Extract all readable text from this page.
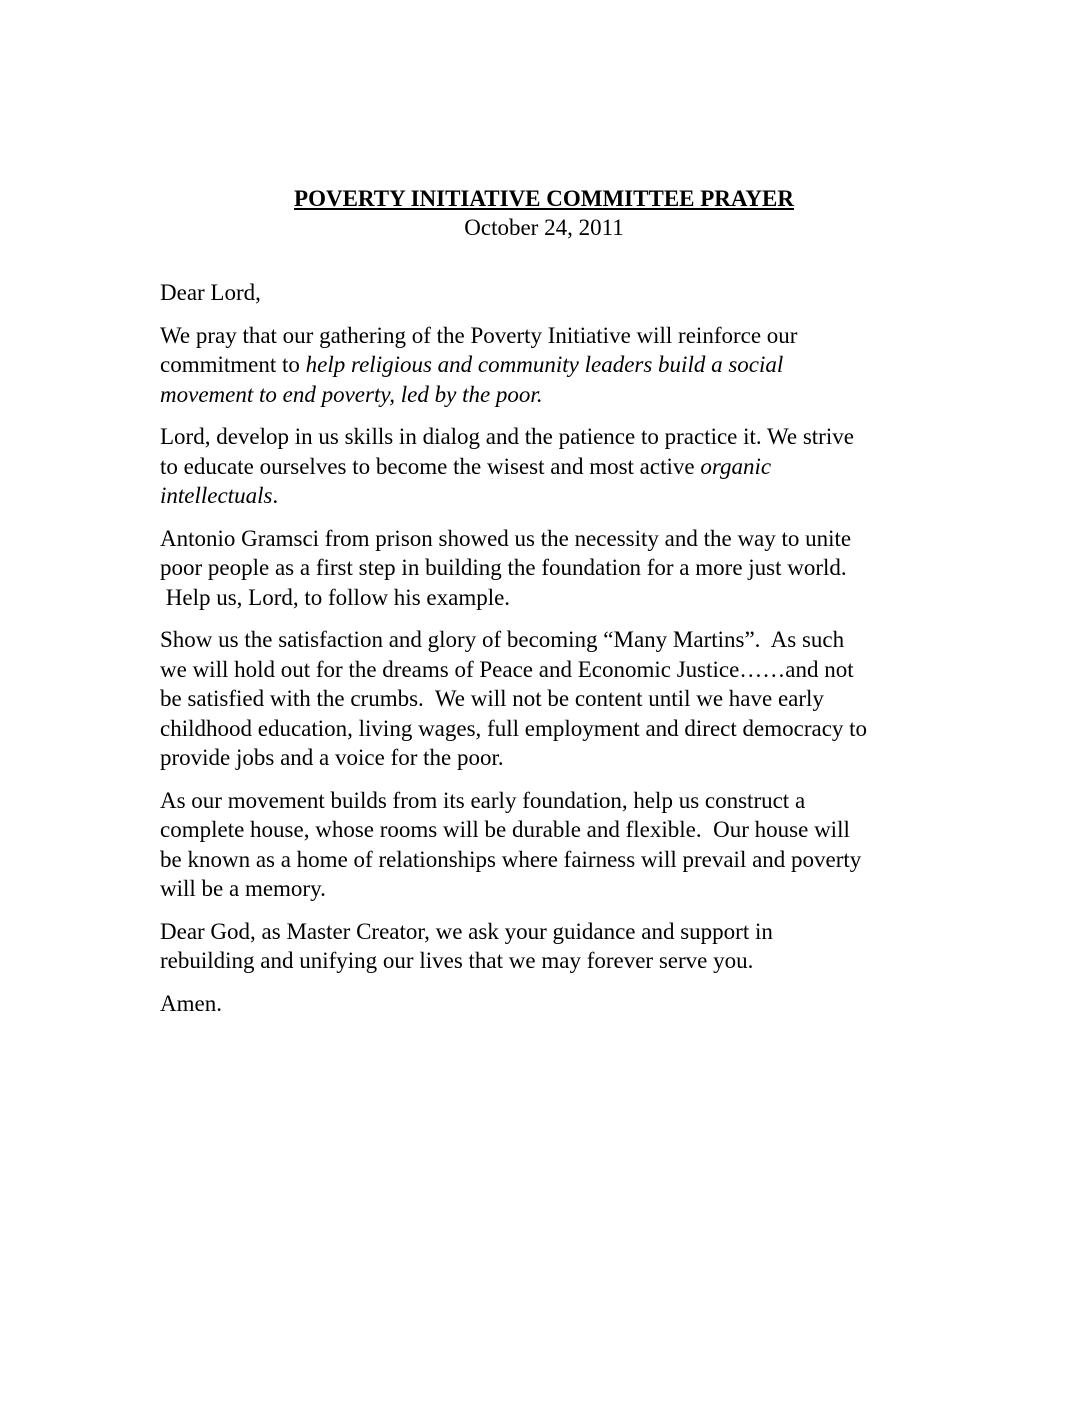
POVERTY INITIATIVE COMMITTEE PRAYER
October 24, 2011

Dear Lord,

We pray that our gathering of the Poverty Initiative will reinforce our
commitment to help religious and community leaders build a social
movement to end poverty, led by the poor.

Lord, develop in us skills in dialog and the patience to practice it. We strive
to educate ourselves to become the wisest and most active organic
intellectuals.

Antonio Gramsci from prison showed us the necessity and the way to unite
poor people as a first step in building the foundation for a more just world.
Help us, Lord, to follow his example.

Show us the satisfaction and glory of becoming “Many Martins”.  As such
we will hold out for the dreams of Peace and Economic Justice……and not
be satisfied with the crumbs.  We will not be content until we have early
childhood education, living wages, full employment and direct democracy to
provide jobs and a voice for the poor.

As our movement builds from its early foundation, help us construct a
complete house, whose rooms will be durable and flexible.  Our house will
be known as a home of relationships where fairness will prevail and poverty
will be a memory.

Dear God, as Master Creator, we ask your guidance and support in
rebuilding and unifying our lives that we may forever serve you.

Amen.
